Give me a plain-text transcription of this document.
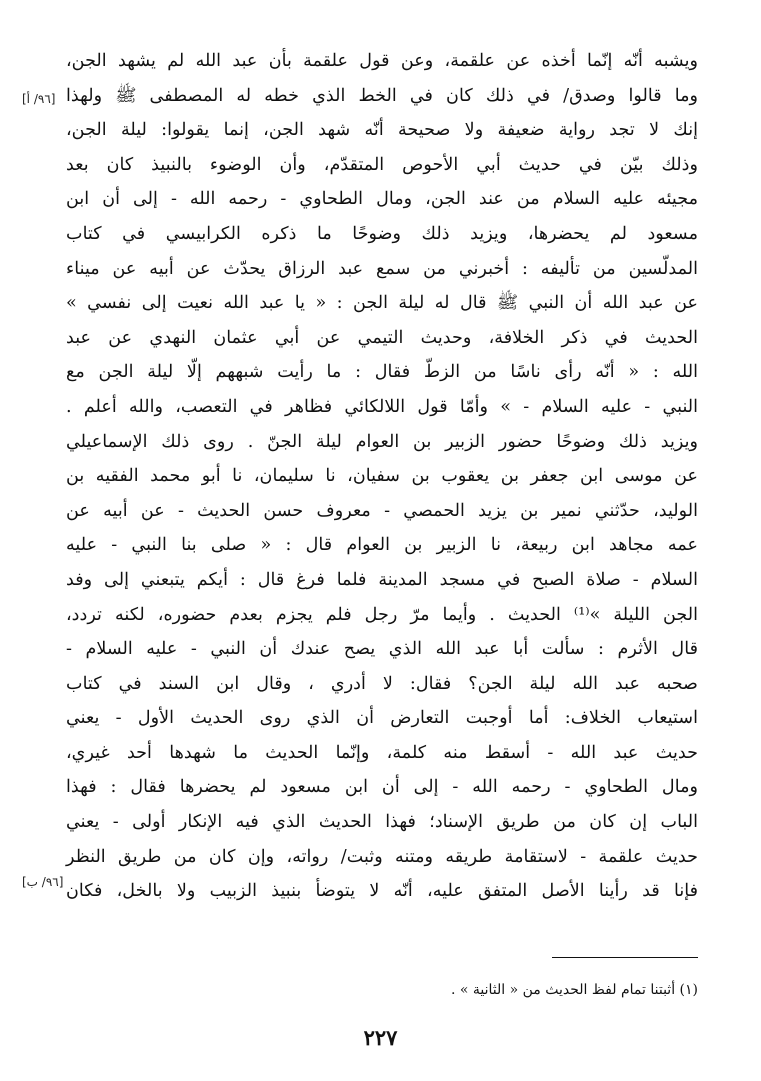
[٩٦/ أ]
[٩٦/ ب]
ويشبه أنّه إنّما أخذه عن علقمة، وعن قول علقمة بأن عبد الله لم يشهد الجن،
وما قالوا وصدق/ في ذلك كان في الخط الذي خطه له المصطفى ﷺ ولهذا
إنك لا تجد رواية ضعيفة ولا صحيحة أنّه شهد الجن، إنما يقولوا: ليلة الجن،
وذلك بيّن في حديث أبي الأحوص المتقدّم، وأن الوضوء بالنبيذ كان بعد
مجيئه عليه السلام من عند الجن، ومال الطحاوي - رحمه الله - إلى أن ابن
مسعود لم يحضرها، ويزيد ذلك وضوحًا ما ذكره الكرابيسي في كتاب
المدلّسين من تأليفه : أخبرني من سمع عبد الرزاق يحدّث عن أبيه عن ميناء
عن عبد الله أن النبي ﷺ قال له ليلة الجن : « يا عبد الله نعيت إلى نفسي »
الحديث في ذكر الخلافة، وحديث التيمي عن أبي عثمان النهدي عن عبد
الله : « أنّه رأى ناسًا من الزطّ فقال : ما رأيت شبههم إلّا ليلة الجن مع
النبي - عليه السلام - » وأمّا قول اللالكائي فظاهر في التعصب، والله أعلم .
ويزيد ذلك وضوحًا حضور الزبير بن العوام ليلة الجنّ . روى ذلك الإسماعيلي
عن موسى ابن جعفر بن يعقوب بن سفيان، نا سليمان، نا أبو محمد الفقيه بن
الوليد، حدّثني نمير بن يزيد الحمصي - معروف حسن الحديث - عن أبيه عن
عمه مجاهد ابن ربيعة، نا الزبير بن العوام قال : « صلى بنا النبي - عليه
السلام - صلاة الصبح في مسجد المدينة فلما فرغ قال : أيكم يتبعني إلى وفد
الجن الليلة »⁽¹⁾ الحديث . وأيما مرّ رجل فلم يجزم بعدم حضوره، لكنه تردد،
قال الأثرم : سألت أبا عبد الله الذي يصح عندك أن النبي - عليه السلام -
صحبه عبد الله ليلة الجن؟ فقال: لا أدري ، وقال ابن السند في كتاب
استيعاب الخلاف: أما أوجبت التعارض أن الذي روى الحديث الأول - يعني
حديث عبد الله - أسقط منه كلمة، وإنّما الحديث ما شهدها أحد غيري،
ومال الطحاوي - رحمه الله - إلى أن ابن مسعود لم يحضرها فقال : فهذا
الباب إن كان من طريق الإسناد؛ فهذا الحديث الذي فيه الإنكار أولى - يعني
حديث علقمة - لاستقامة طريقه ومتنه وثبت/ رواته، وإن كان من طريق النظر
فإنا قد رأينا الأصل المتفق عليه، أنّه لا يتوضأ بنبيذ الزبيب ولا بالخل، فكان
(١) أثبتنا تمام لفظ الحديث من « الثانية » .
٢٢٧
